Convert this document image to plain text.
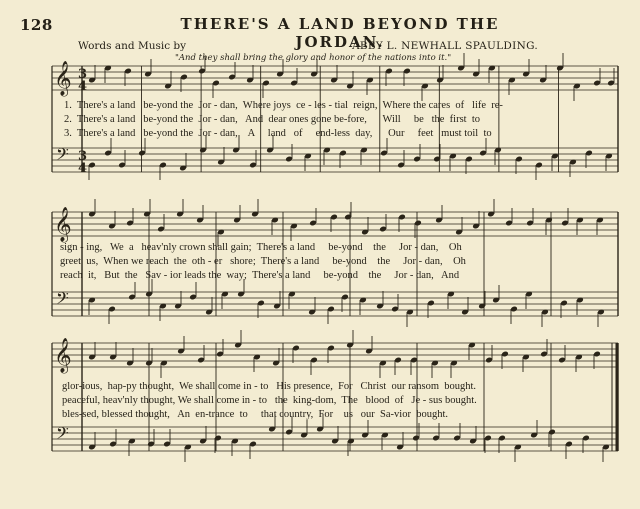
128	THERE'S A LAND BEYOND THE JORDAN.
Words and Music by	ABBY L. NEWHALL SPAULDING.
"And they shall bring the glory and honor of the nations into it."
𝄞
𝄢
𝄞
𝄢
𝄞
𝄢
3
3
4
4
1.  There's a land   be-yond the  Jor - dan,  Where joys  ce - les - tial  reign,  Where the cares  of   life  re-
2.  There's a land   be-yond the  Jor - dan,   And  dear ones gone be-fore,      Will     be   the  first  to
3.  There's a land   be-yond the  Jor - dan,    A     land   of     end-less  day,      Our     feet   must toil  to
sign - ing,   We  a   heav'nly crown shall gain;  There's a land     be-yond    the     Jor - dan,    Oh
greet  us,  When we reach  the  oth - er   shore;  There's a land     be-yond    the     Jor - dan,    Oh
reach  it,   But  the   Sav - ior leads the  way;  There's a land     be-yond    the     Jor - dan,   And
glor-ious,  hap-py thought,  We shall come in - to   His presence,  For   Christ  our ransom  bought.
peaceful, heav'nly thought, We shall come in - to   the  king-dom,  The   blood  of   Je - sus bought.
bles-sed, blessed thought,   An  en-trance  to     that country,  For    us   our  Sa-vior  bought.
